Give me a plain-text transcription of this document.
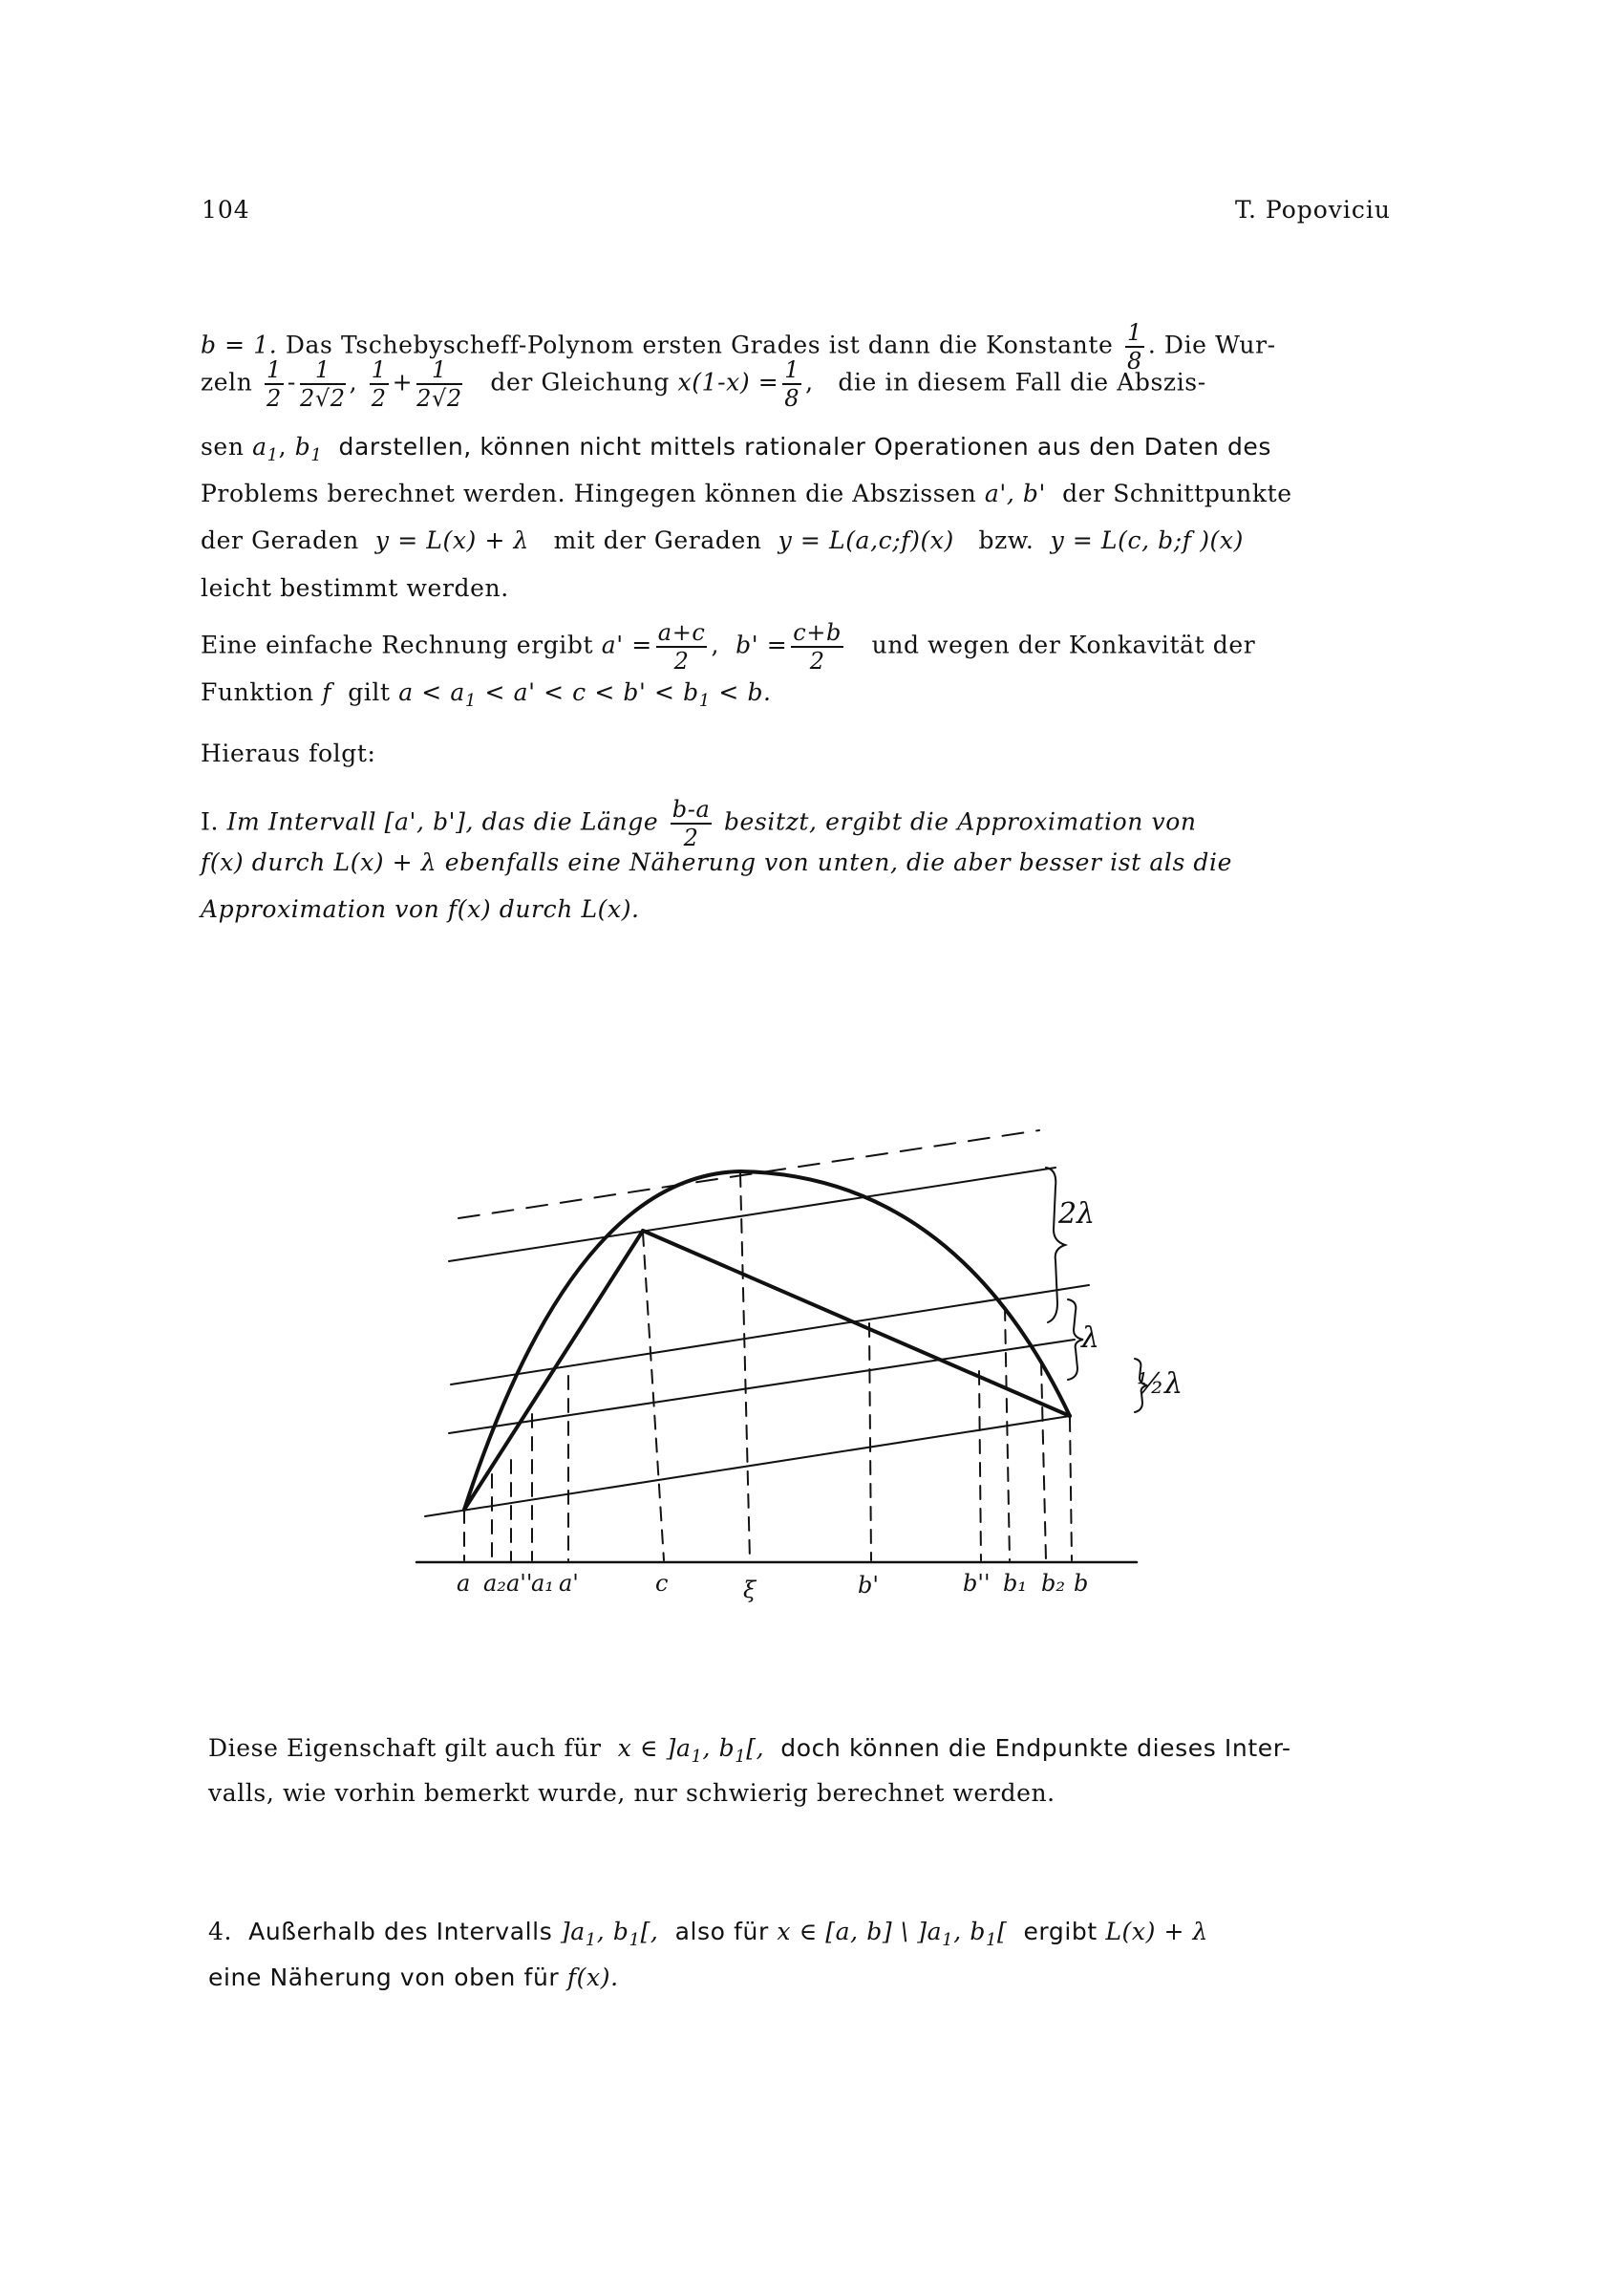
104	T. Popoviciu
b = 1. Das Tschebyscheff-Polynom ersten Grades ist dann die Konstante $\frac{1}{8}$ . Die Wur-
zeln $\frac{1}{2} - \frac{1}{2√2}$ , $\frac{1}{2} + \frac{1}{2√2}$ der Gleichung $x(1-x) = \frac{1}{8}$ ,   die in diesem Fall die Abszis-
sen $a_1$, $b_1$ darstellen, können nicht mittels rationaler Operationen aus den Daten des
Problems berechnet werden. Hingegen können die Abszissen a', b' der Schnittpunkte
der Geraden y = L(x) + λ mit der Geraden y = L(a,c;f)(x) bzw. y = L(c, b;f )(x)
leicht bestimmt werden.
Eine einfache Rechnung ergibt $a' = \frac{a+c}{2}$ ,  $b' = \frac{c+b}{2}$ und wegen der Konkavität der
Funktion f gilt $a < a_1 < a' < c < b' < b_1 < b$.
Hieraus folgt:
I. Im Intervall [a', b'], das die Länge $\frac{b-a}{2}$ besitzt, ergibt die Approximation von
f(x) durch L(x) + λ ebenfalls eine Näherung von unten, die aber besser ist als die
Approximation von f(x) durch L(x).
2λ
λ
½λ
a a₂ a''
a₁ a'	c	ξ	b'	b'' b₁ b₂ b
Diese Eigenschaft gilt auch für x ∈ ]$a_1$, $b_1$[, doch können die Endpunkte dieses Inter-
valls, wie vorhin bemerkt wurde, nur schwierig berechnet werden.
4. Außerhalb des Intervalls ]$a_1$, $b_1$[, also für x ∈ [a, b] \ ]$a_1$, $b_1$[ ergibt L(x) + λ
eine Näherung von oben für f(x).
